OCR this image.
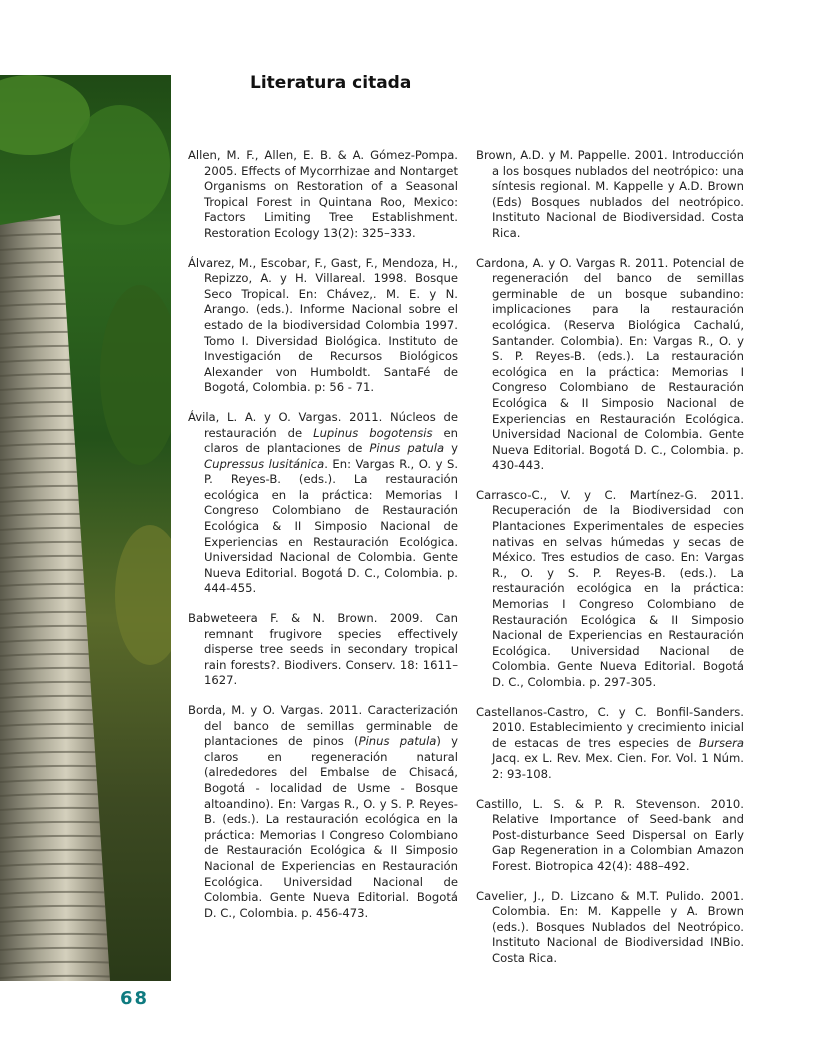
Literatura citada

Allen, M. F., Allen, E. B. & A. Gómez-Pompa. 2005. Effects of Mycorrhizae and Nontarget Organisms on Restoration of a Seasonal Tropical Forest in Quintana Roo, Mexico: Factors Limiting Tree Establishment. Restoration Ecology 13(2): 325–333.

Álvarez, M., Escobar, F., Gast, F., Mendoza, H., Repizzo, A. y H. Villareal. 1998. Bosque Seco Tropical. En: Chávez,. M. E. y N. Arango. (eds.). Informe Nacional sobre el estado de la biodiversidad Colombia 1997. Tomo I. Diversidad Biológica. Instituto de Investigación de Recursos Biológicos Alexander von Humboldt. SantaFé de Bogotá, Colombia. p: 56 - 71.

Ávila, L. A. y O. Vargas. 2011. Núcleos de restauración de Lupinus bogotensis en claros de plantaciones de Pinus patula y Cupressus lusitánica. En: Vargas R., O. y S. P. Reyes-B. (eds.). La restauración ecológica en la práctica: Memorias I Congreso Colombiano de Restauración Ecológica & II Simposio Nacional de Experiencias en Restauración Ecológica. Universidad Nacional de Colombia. Gente Nueva Editorial. Bogotá D. C., Colombia. p. 444-455.

Babweteera F. & N. Brown. 2009. Can remnant frugivore species effectively disperse tree seeds in secondary tropical rain forests?. Biodivers. Conserv. 18: 1611–1627.

Borda, M. y O. Vargas. 2011. Caracterización del banco de semillas germinable de plantaciones de pinos (Pinus patula) y claros en regeneración natural (alrededores del Embalse de Chisacá, Bogotá - localidad de Usme - Bosque altoandino). En: Vargas R., O. y S. P. Reyes-B. (eds.). La restauración ecológica en la práctica: Memorias I Congreso Colombiano de Restauración Ecológica & II Simposio Nacional de Experiencias en Restauración Ecológica. Universidad Nacional de Colombia. Gente Nueva Editorial. Bogotá D. C., Colombia. p. 456-473.

Brown, A.D. y M. Pappelle. 2001. Introducción a los bosques nublados del neotrópico: una síntesis regional. M. Kappelle y A.D. Brown (Eds) Bosques nublados del neotrópico. Instituto Nacional de Biodiversidad. Costa Rica.

Cardona, A. y O. Vargas R. 2011. Potencial de regeneración del banco de semillas germinable de un bosque subandino: implicaciones para la restauración ecológica. (Reserva Biológica Cachalú, Santander. Colombia). En: Vargas R., O. y S. P. Reyes-B. (eds.). La restauración ecológica en la práctica: Memorias I Congreso Colombiano de Restauración Ecológica & II Simposio Nacional de Experiencias en Restauración Ecológica. Universidad Nacional de Colombia. Gente Nueva Editorial. Bogotá D. C., Colombia. p. 430-443.

Carrasco-C., V. y C. Martínez-G. 2011. Recuperación de la Biodiversidad con Plantaciones Experimentales de especies nativas en selvas húmedas y secas de México. Tres estudios de caso. En: Vargas R., O. y S. P. Reyes-B. (eds.). La restauración ecológica en la práctica: Memorias I Congreso Colombiano de Restauración Ecológica & II Simposio Nacional de Experiencias en Restauración Ecológica. Universidad Nacional de Colombia. Gente Nueva Editorial. Bogotá D. C., Colombia. p. 297-305.

Castellanos-Castro, C. y C. Bonfil-Sanders. 2010. Establecimiento y crecimiento inicial de estacas de tres especies de Bursera Jacq. ex L. Rev. Mex. Cien. For. Vol. 1 Núm. 2: 93-108.

Castillo, L. S. & P. R. Stevenson. 2010. Relative Importance of Seed-bank and Post-disturbance Seed Dispersal on Early Gap Regeneration in a Colombian Amazon Forest. Biotropica 42(4): 488–492.

Cavelier, J., D. Lizcano & M.T. Pulido. 2001. Colombia. En: M. Kappelle y A. Brown (eds.). Bosques Nublados del Neotrópico. Instituto Nacional de Biodiversidad INBio. Costa Rica.

68
